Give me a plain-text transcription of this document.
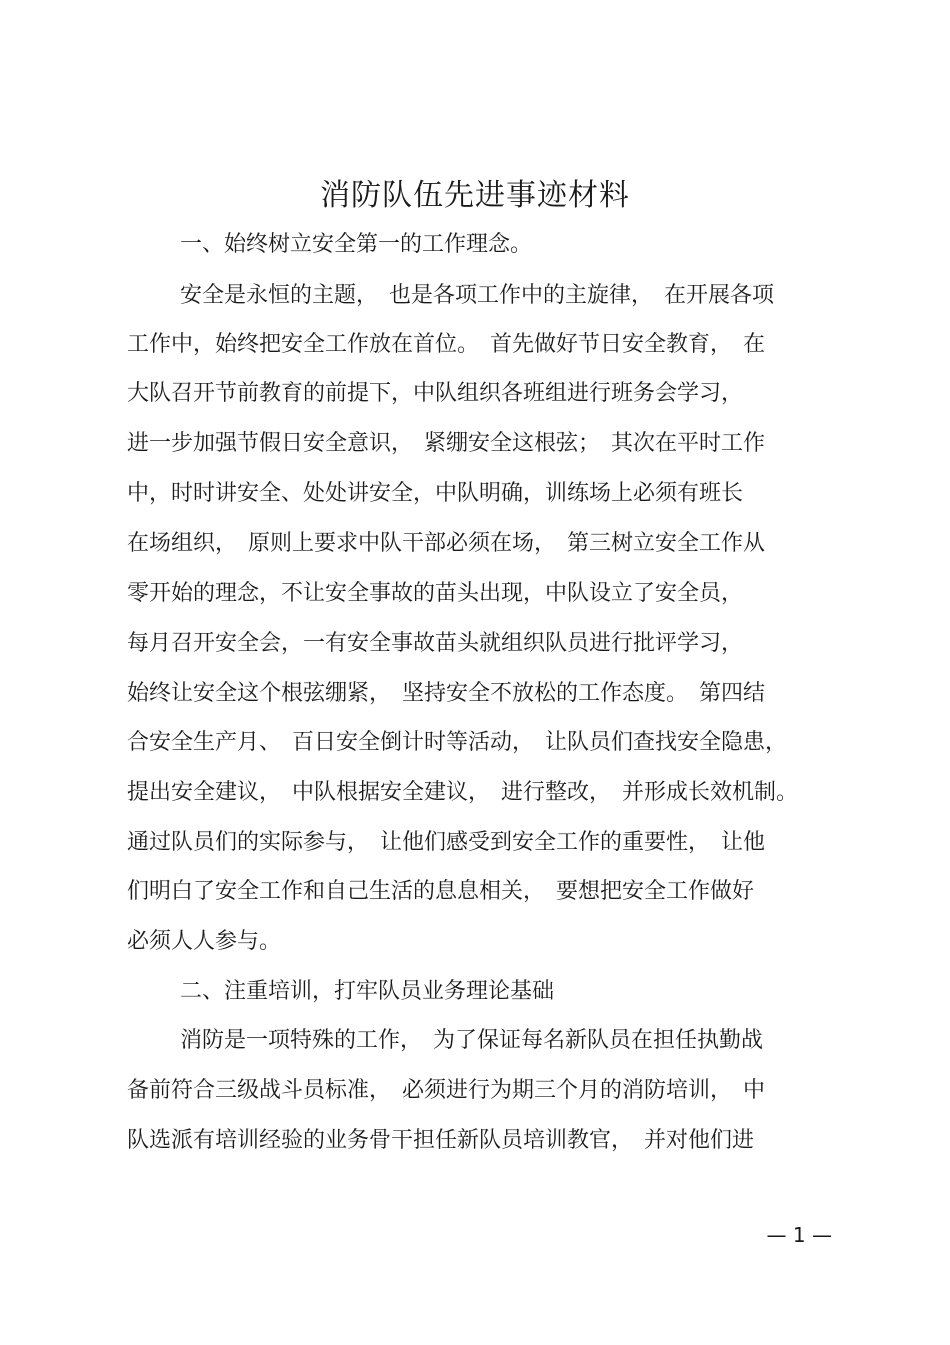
消防队伍先进事迹材料
一、始终树立安全第一的工作理念。
安全是永恒的主题，　也是各项工作中的主旋律，　在开展各项
工作中，始终把安全工作放在首位。　首先做好节日安全教育，　在
大队召开节前教育的前提下，中队组织各班组进行班务会学习，
进一步加强节假日安全意识，　紧绷安全这根弦；　其次在平时工作
中，时时讲安全、处处讲安全，中队明确，训练场上必须有班长
在场组织，　原则上要求中队干部必须在场，　第三树立安全工作从
零开始的理念，不让安全事故的苗头出现，中队设立了安全员，
每月召开安全会，一有安全事故苗头就组织队员进行批评学习，
始终让安全这个根弦绷紧，　坚持安全不放松的工作态度。　第四结
合安全生产月、　百日安全倒计时等活动，　让队员们查找安全隐患，
提出安全建议，　中队根据安全建议，　进行整改，　并形成长效机制。
通过队员们的实际参与，　让他们感受到安全工作的重要性，　让他
们明白了安全工作和自己生活的息息相关，　要想把安全工作做好
必须人人参与。
二、注重培训，打牢队员业务理论基础
消防是一项特殊的工作，　为了保证每名新队员在担任执勤战
备前符合三级战斗员标准，　必须进行为期三个月的消防培训，　中
队选派有培训经验的业务骨干担任新队员培训教官，　并对他们进
— 1 —
